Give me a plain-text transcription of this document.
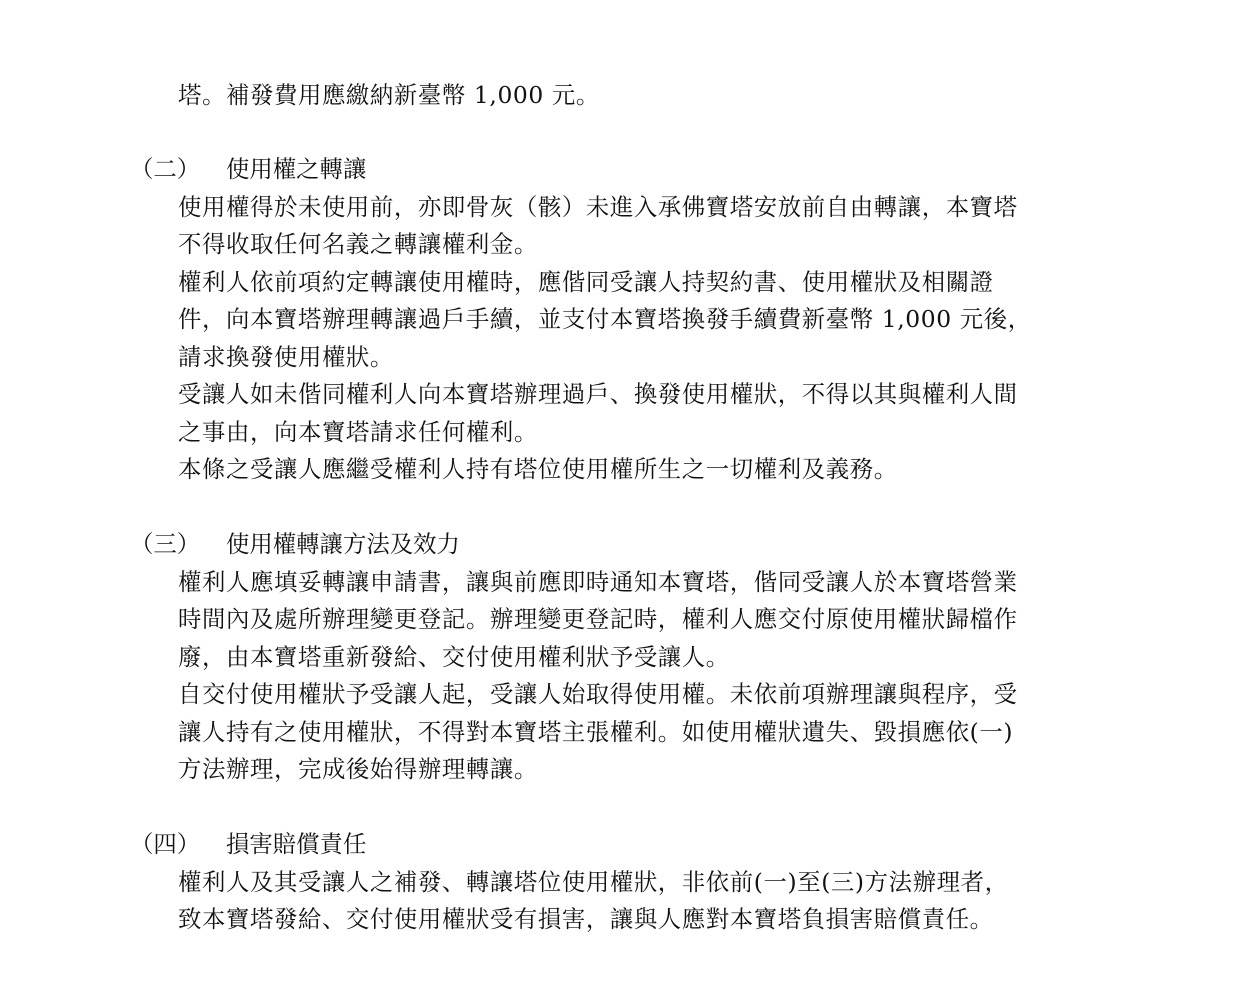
塔。補發費用應繳納新臺幣 1,000 元。
（二） 使用權之轉讓
使用權得於未使用前，亦即骨灰（骸）未進入承佛寶塔安放前自由轉讓，本寶塔
不得收取任何名義之轉讓權利金。
權利人依前項約定轉讓使用權時，應偕同受讓人持契約書、使用權狀及相關證
件，向本寶塔辦理轉讓過戶手續，並支付本寶塔換發手續費新臺幣 1,000 元後，
請求換發使用權狀。
受讓人如未偕同權利人向本寶塔辦理過戶、換發使用權狀，不得以其與權利人間
之事由，向本寶塔請求任何權利。
本條之受讓人應繼受權利人持有塔位使用權所生之一切權利及義務。
（三） 使用權轉讓方法及效力
權利人應填妥轉讓申請書，讓與前應即時通知本寶塔，偕同受讓人於本寶塔營業
時間內及處所辦理變更登記。辦理變更登記時，權利人應交付原使用權狀歸檔作
廢，由本寶塔重新發給、交付使用權利狀予受讓人。
自交付使用權狀予受讓人起，受讓人始取得使用權。未依前項辦理讓與程序，受
讓人持有之使用權狀，不得對本寶塔主張權利。如使用權狀遺失、毀損應依(一)
方法辦理，完成後始得辦理轉讓。
（四） 損害賠償責任
權利人及其受讓人之補發、轉讓塔位使用權狀，非依前(一)至(三)方法辦理者，
致本寶塔發給、交付使用權狀受有損害，讓與人應對本寶塔負損害賠償責任。
